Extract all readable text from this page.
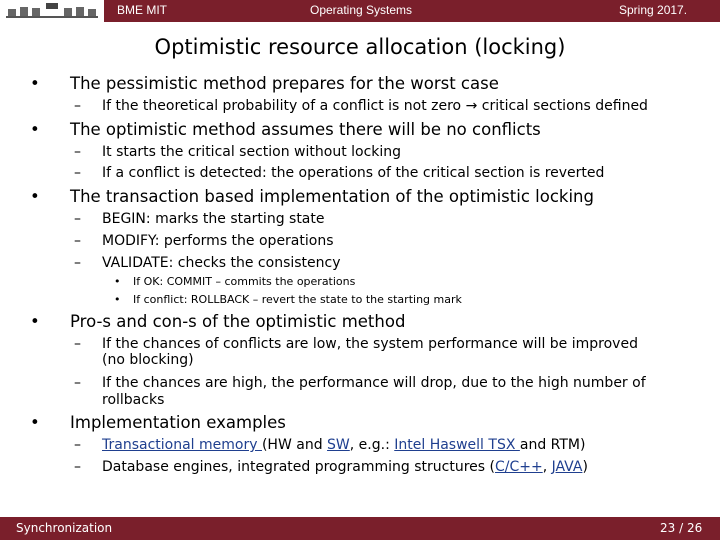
BME MIT	Operating Systems	Spring 2017.
Optimistic resource allocation (locking)
• The pessimistic method prepares for the worst case
– If the theoretical probability of a conflict is not zero → critical sections defined
• The optimistic method assumes there will be no conflicts
– It starts the critical section without locking
– If a conflict is detected: the operations of the critical section is reverted
• The transaction based implementation of the optimistic locking
– BEGIN: marks the starting state
– MODIFY: performs the operations
– VALIDATE: checks the consistency
• If OK: COMMIT – commits the operations
• If conflict: ROLLBACK – revert the state to the starting mark
• Pro-s and con-s of the optimistic method
– If the chances of conflicts are low, the system performance will be improved
(no blocking)
– If the chances are high, the performance will drop, due to the high number of
rollbacks
• Implementation examples
– Transactional memory (HW and SW, e.g.: Intel Haswell TSX and RTM)
– Database engines, integrated programming structures (C/C++, JAVA)
Synchronization	23 / 26
